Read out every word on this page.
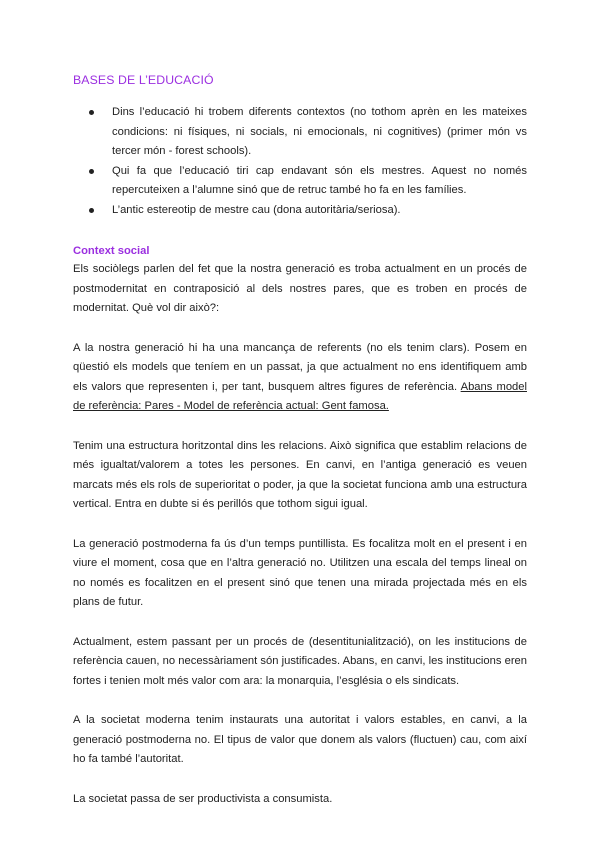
BASES DE L’EDUCACIÓ
Dins l’educació hi trobem diferents contextos (no tothom aprèn en les mateixes condicions: ni físiques, ni socials, ni emocionals, ni cognitives) (primer món vs tercer món - forest schools).
Qui fa que l’educació tiri cap endavant són els mestres. Aquest no només repercuteixen a l’alumne sinó que de retruc també ho fa en les famílies.
L’antic estereotip de mestre cau (dona autoritària/seriosa).
Context social

Els sociòlegs parlen del fet que la nostra generació es troba actualment en un procés de postmodernitat en contraposició al dels nostres pares, que es troben en procés de modernitat. Què vol dir això?:

A la nostra generació hi ha una mancança de referents (no els tenim clars). Posem en qüestió els models que teníem en un passat, ja que actualment no ens identifiquem amb els valors que representen i, per tant, busquem altres figures de referència. Abans model de referència: Pares - Model de referència actual: Gent famosa.

Tenim una estructura horitzontal dins les relacions. Això significa que establim relacions de més igualtat/valorem a totes les persones. En canvi, en l’antiga generació es veuen marcats més els rols de superioritat o poder, ja que la societat funciona amb una estructura vertical. Entra en dubte si és perillós que tothom sigui igual.

La generació postmoderna fa ús d’un temps puntillista. Es focalitza molt en el present i en viure el moment, cosa que en l’altra generació no. Utilitzen una escala del temps lineal on no només es focalitzen en el present sinó que tenen una mirada projectada més en els plans de futur.

Actualment, estem passant per un procés de (desentitunialització), on les institucions de referència cauen, no necessàriament són justificades. Abans, en canvi, les institucions eren fortes i tenien molt més valor com ara: la monarquia, l’església o els sindicats.

A la societat moderna tenim instaurats una autoritat i valors estables, en canvi, a la generació postmoderna no. El tipus de valor que donem als valors (fluctuen) cau, com així ho fa també l’autoritat.

La societat passa de ser productivista a consumista.
